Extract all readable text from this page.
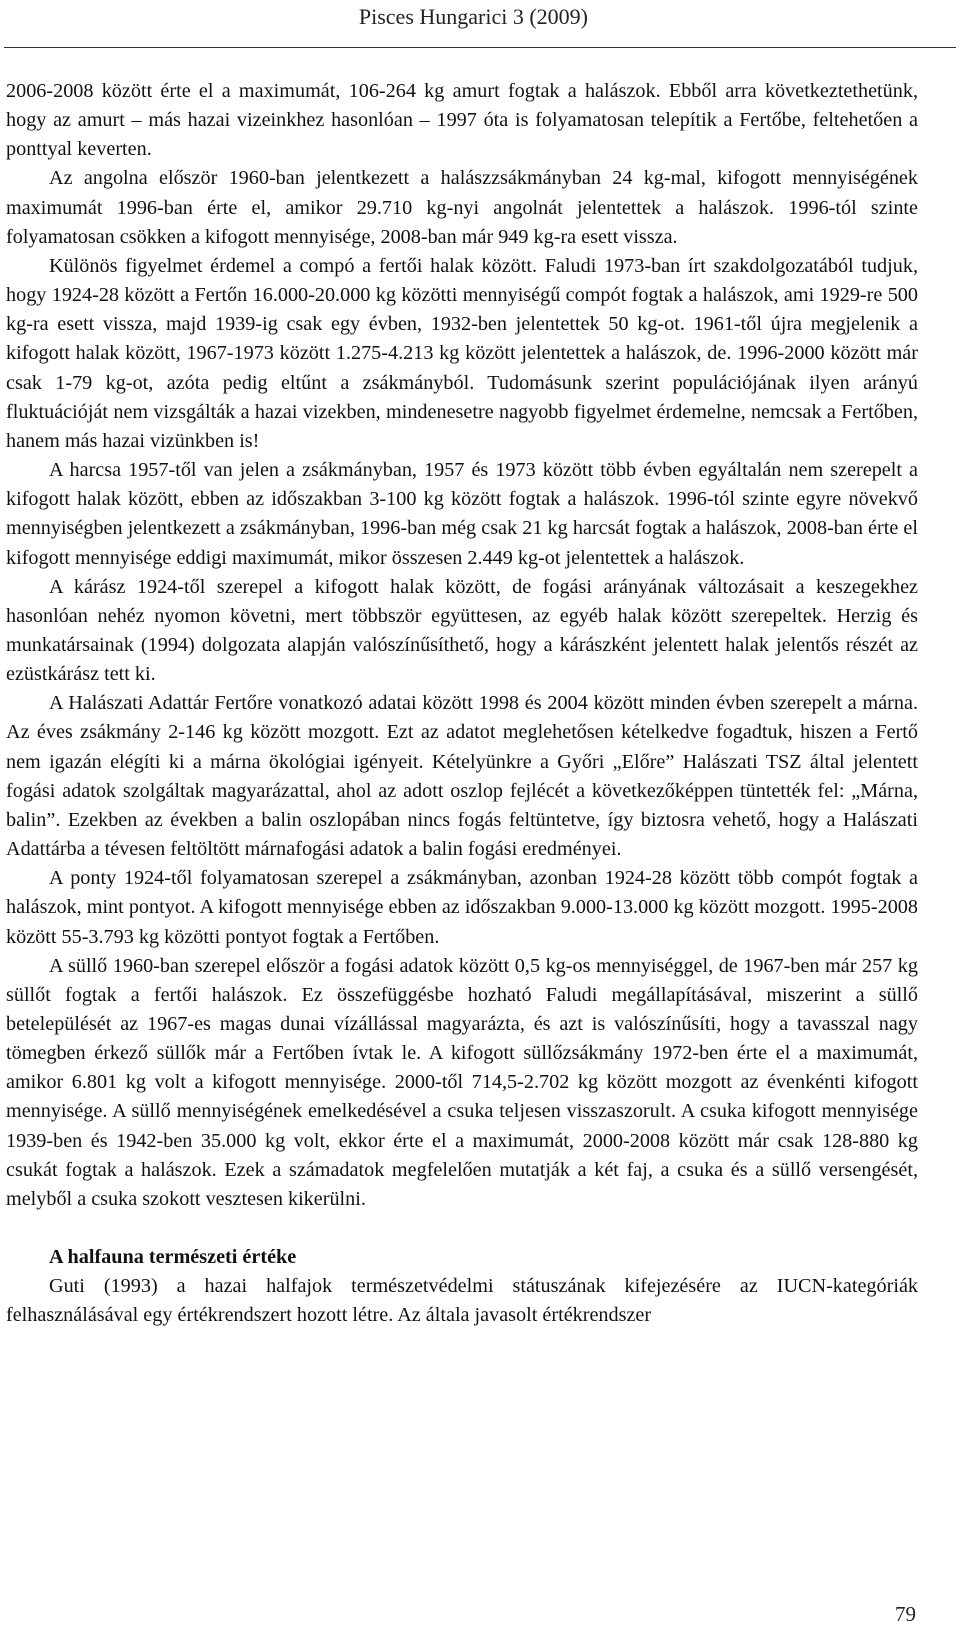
Pisces Hungarici 3 (2009)

2006-2008 között érte el a maximumát, 106-264 kg amurt fogtak a halászok. Ebből arra következtethetünk, hogy az amurt – más hazai vizeinkhez hasonlóan – 1997 óta is folyamatosan telepítik a Fertőbe, feltehetően a ponttyal keverten.

Az angolna először 1960-ban jelentkezett a halászzsákmányban 24 kg-mal, kifogott mennyiségének maximumát 1996-ban érte el, amikor 29.710 kg-nyi angolnát jelentettek a halászok. 1996-tól szinte folyamatosan csökken a kifogott mennyisége, 2008-ban már 949 kg-ra esett vissza.

Különös figyelmet érdemel a compó a fertői halak között. Faludi 1973-ban írt szakdolgozatából tudjuk, hogy 1924-28 között a Fertőn 16.000-20.000 kg közötti mennyiségű compót fogtak a halászok, ami 1929-re 500 kg-ra esett vissza, majd 1939-ig csak egy évben, 1932-ben jelentettek 50 kg-ot. 1961-től újra megjelenik a kifogott halak között, 1967-1973 között 1.275-4.213 kg között jelentettek a halászok, de. 1996-2000 között már csak 1-79 kg-ot, azóta pedig eltűnt a zsákmányból. Tudomásunk szerint populációjának ilyen arányú fluktuációját nem vizsgálták a hazai vizekben, mindenesetre nagyobb figyelmet érdemelne, nemcsak a Fertőben, hanem más hazai vizünkben is!

A harcsa 1957-től van jelen a zsákmányban, 1957 és 1973 között több évben egyáltalán nem szerepelt a kifogott halak között, ebben az időszakban 3-100 kg között fogtak a halászok. 1996-tól szinte egyre növekvő mennyiségben jelentkezett a zsákmányban, 1996-ban még csak 21 kg harcsát fogtak a halászok, 2008-ban érte el kifogott mennyisége eddigi maximumát, mikor összesen 2.449 kg-ot jelentettek a halászok.

A kárász 1924-től szerepel a kifogott halak között, de fogási arányának változásait a keszegekhez hasonlóan nehéz nyomon követni, mert többször együttesen, az egyéb halak között szerepeltek. Herzig és munkatársainak (1994) dolgozata alapján valószínűsíthető, hogy a kárászként jelentett halak jelentős részét az ezüstkárász tett ki.

A Halászati Adattár Fertőre vonatkozó adatai között 1998 és 2004 között minden évben szerepelt a márna. Az éves zsákmány 2-146 kg között mozgott. Ezt az adatot meglehetősen kételkedve fogadtuk, hiszen a Fertő nem igazán elégíti ki a márna ökológiai igényeit. Kételyünkre a Győri „Előre” Halászati TSZ által jelentett fogási adatok szolgáltak magyarázattal, ahol az adott oszlop fejlécét a következőképpen tüntették fel: „Márna, balin”. Ezekben az években a balin oszlopában nincs fogás feltüntetve, így biztosra vehető, hogy a Halászati Adattárba a tévesen feltöltött márnafogási adatok a balin fogási eredményei.

A ponty 1924-től folyamatosan szerepel a zsákmányban, azonban 1924-28 között több compót fogtak a halászok, mint pontyot. A kifogott mennyisége ebben az időszakban 9.000-13.000 kg között mozgott. 1995-2008 között 55-3.793 kg közötti pontyot fogtak a Fertőben.

A süllő 1960-ban szerepel először a fogási adatok között 0,5 kg-os mennyiséggel, de 1967-ben már 257 kg süllőt fogtak a fertői halászok. Ez összefüggésbe hozható Faludi megállapításával, miszerint a süllő betelepülését az 1967-es magas dunai vízállással magyarázta, és azt is valószínűsíti, hogy a tavasszal nagy tömegben érkező süllők már a Fertőben ívtak le. A kifogott süllőzsákmány 1972-ben érte el a maximumát, amikor 6.801 kg volt a kifogott mennyisége. 2000-től 714,5-2.702 kg között mozgott az évenkénti kifogott mennyisége. A süllő mennyiségének emelkedésével a csuka teljesen visszaszorult. A csuka kifogott mennyisége 1939-ben és 1942-ben 35.000 kg volt, ekkor érte el a maximumát, 2000-2008 között már csak 128-880 kg csukát fogtak a halászok. Ezek a számadatok megfelelően mutatják a két faj, a csuka és a süllő versengését, melyből a csuka szokott vesztesen kikerülni.

A halfauna természeti értéke

Guti (1993) a hazai halfajok természetvédelmi státuszának kifejezésére az IUCN-kategóriák felhasználásával egy értékrendszert hozott létre. Az általa javasolt értékrendszer

79
